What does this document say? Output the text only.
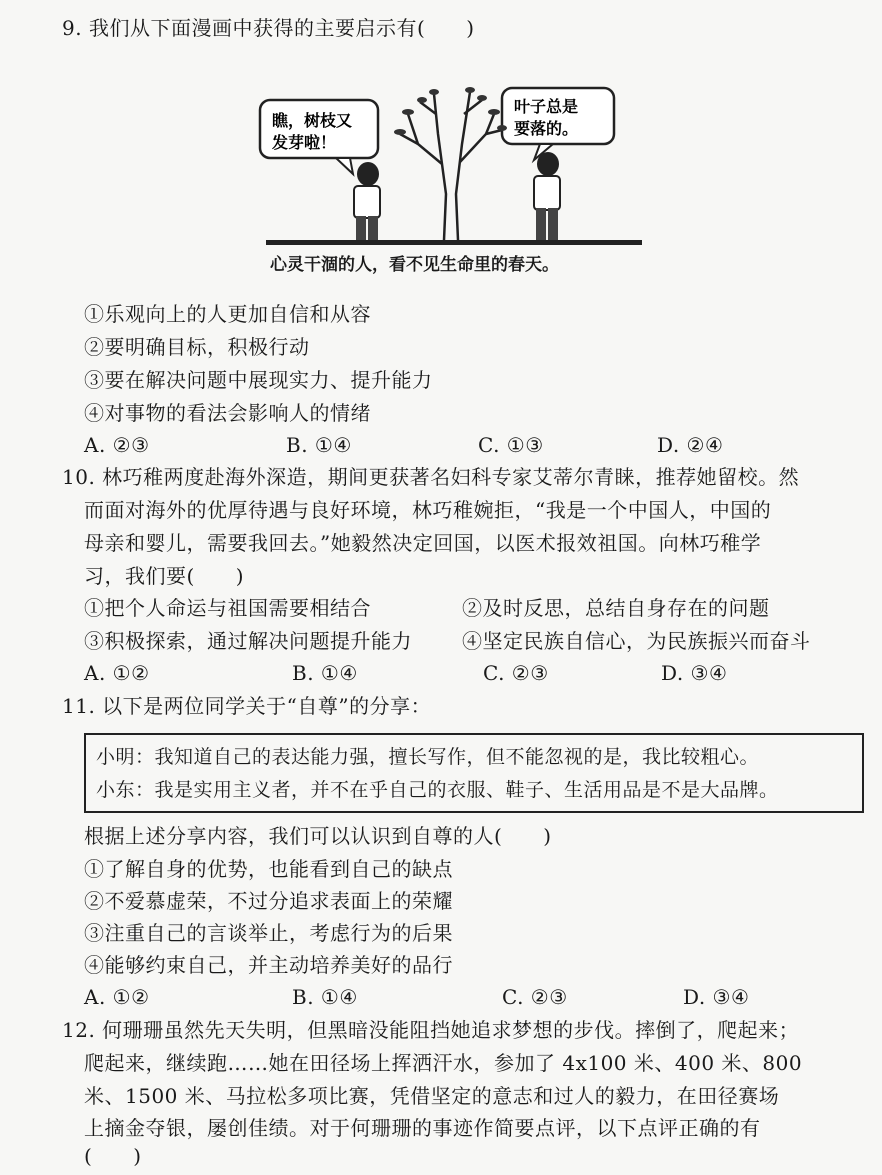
9. 我们从下面漫画中获得的主要启示有(　　)
瞧，树枝又
发芽啦！
叶子总是
要落的。
心灵干涸的人，看不见生命里的春天。
①乐观向上的人更加自信和从容
②要明确目标，积极行动
③要在解决问题中展现实力、提升能力
④对事物的看法会影响人的情绪
A. ②③	B. ①④	C. ①③	D. ②④
10. 林巧稚两度赴海外深造，期间更获著名妇科专家艾蒂尔青睐，推荐她留校。然
而面对海外的优厚待遇与良好环境，林巧稚婉拒，“我是一个中国人，中国的
母亲和婴儿，需要我回去。”她毅然决定回国，以医术报效祖国。向林巧稚学
习，我们要(　　)
①把个人命运与祖国需要相结合	②及时反思，总结自身存在的问题
③积极探索，通过解决问题提升能力	④坚定民族自信心，为民族振兴而奋斗
A. ①②	B. ①④	C. ②③	D. ③④
11. 以下是两位同学关于“自尊”的分享：
小明：我知道自己的表达能力强，擅长写作，但不能忽视的是，我比较粗心。
小东：我是实用主义者，并不在乎自己的衣服、鞋子、生活用品是不是大品牌。
根据上述分享内容，我们可以认识到自尊的人(　　)
①了解自身的优势，也能看到自己的缺点
②不爱慕虚荣，不过分追求表面上的荣耀
③注重自己的言谈举止，考虑行为的后果
④能够约束自己，并主动培养美好的品行
A. ①②	B. ①④	C. ②③	D. ③④
12. 何珊珊虽然先天失明，但黑暗没能阻挡她追求梦想的步伐。摔倒了，爬起来；
爬起来，继续跑……她在田径场上挥洒汗水，参加了 4x100 米、400 米、800
米、1500 米、马拉松多项比赛，凭借坚定的意志和过人的毅力，在田径赛场
上摘金夺银，屡创佳绩。对于何珊珊的事迹作简要点评，以下点评正确的有
(　　)
